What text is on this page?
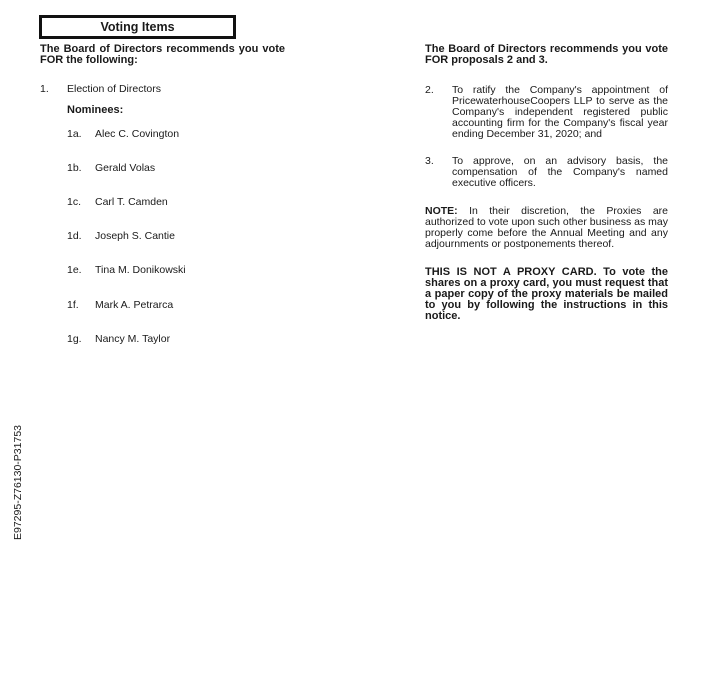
Voting Items

The Board of Directors recommends you vote FOR the following:

1. Election of Directors
Nominees:
1a. Alec C. Covington
1b. Gerald Volas
1c. Carl T. Camden
1d. Joseph S. Cantie
1e. Tina M. Donikowski
1f. Mark A. Petrarca
1g. Nancy M. Taylor

The Board of Directors recommends you vote FOR proposals 2 and 3.

2. To ratify the Company's appointment of PricewaterhouseCoopers LLP to serve as the Company's independent registered public accounting firm for the Company's fiscal year ending December 31, 2020; and
3. To approve, on an advisory basis, the compensation of the Company's named executive officers.
NOTE: In their discretion, the Proxies are authorized to vote upon such other business as may properly come before the Annual Meeting and any adjournments or postponements thereof.
THIS IS NOT A PROXY CARD. To vote the shares on a proxy card, you must request that a paper copy of the proxy materials be mailed to you by following the instructions in this notice.
E97295-Z76130-P31753
